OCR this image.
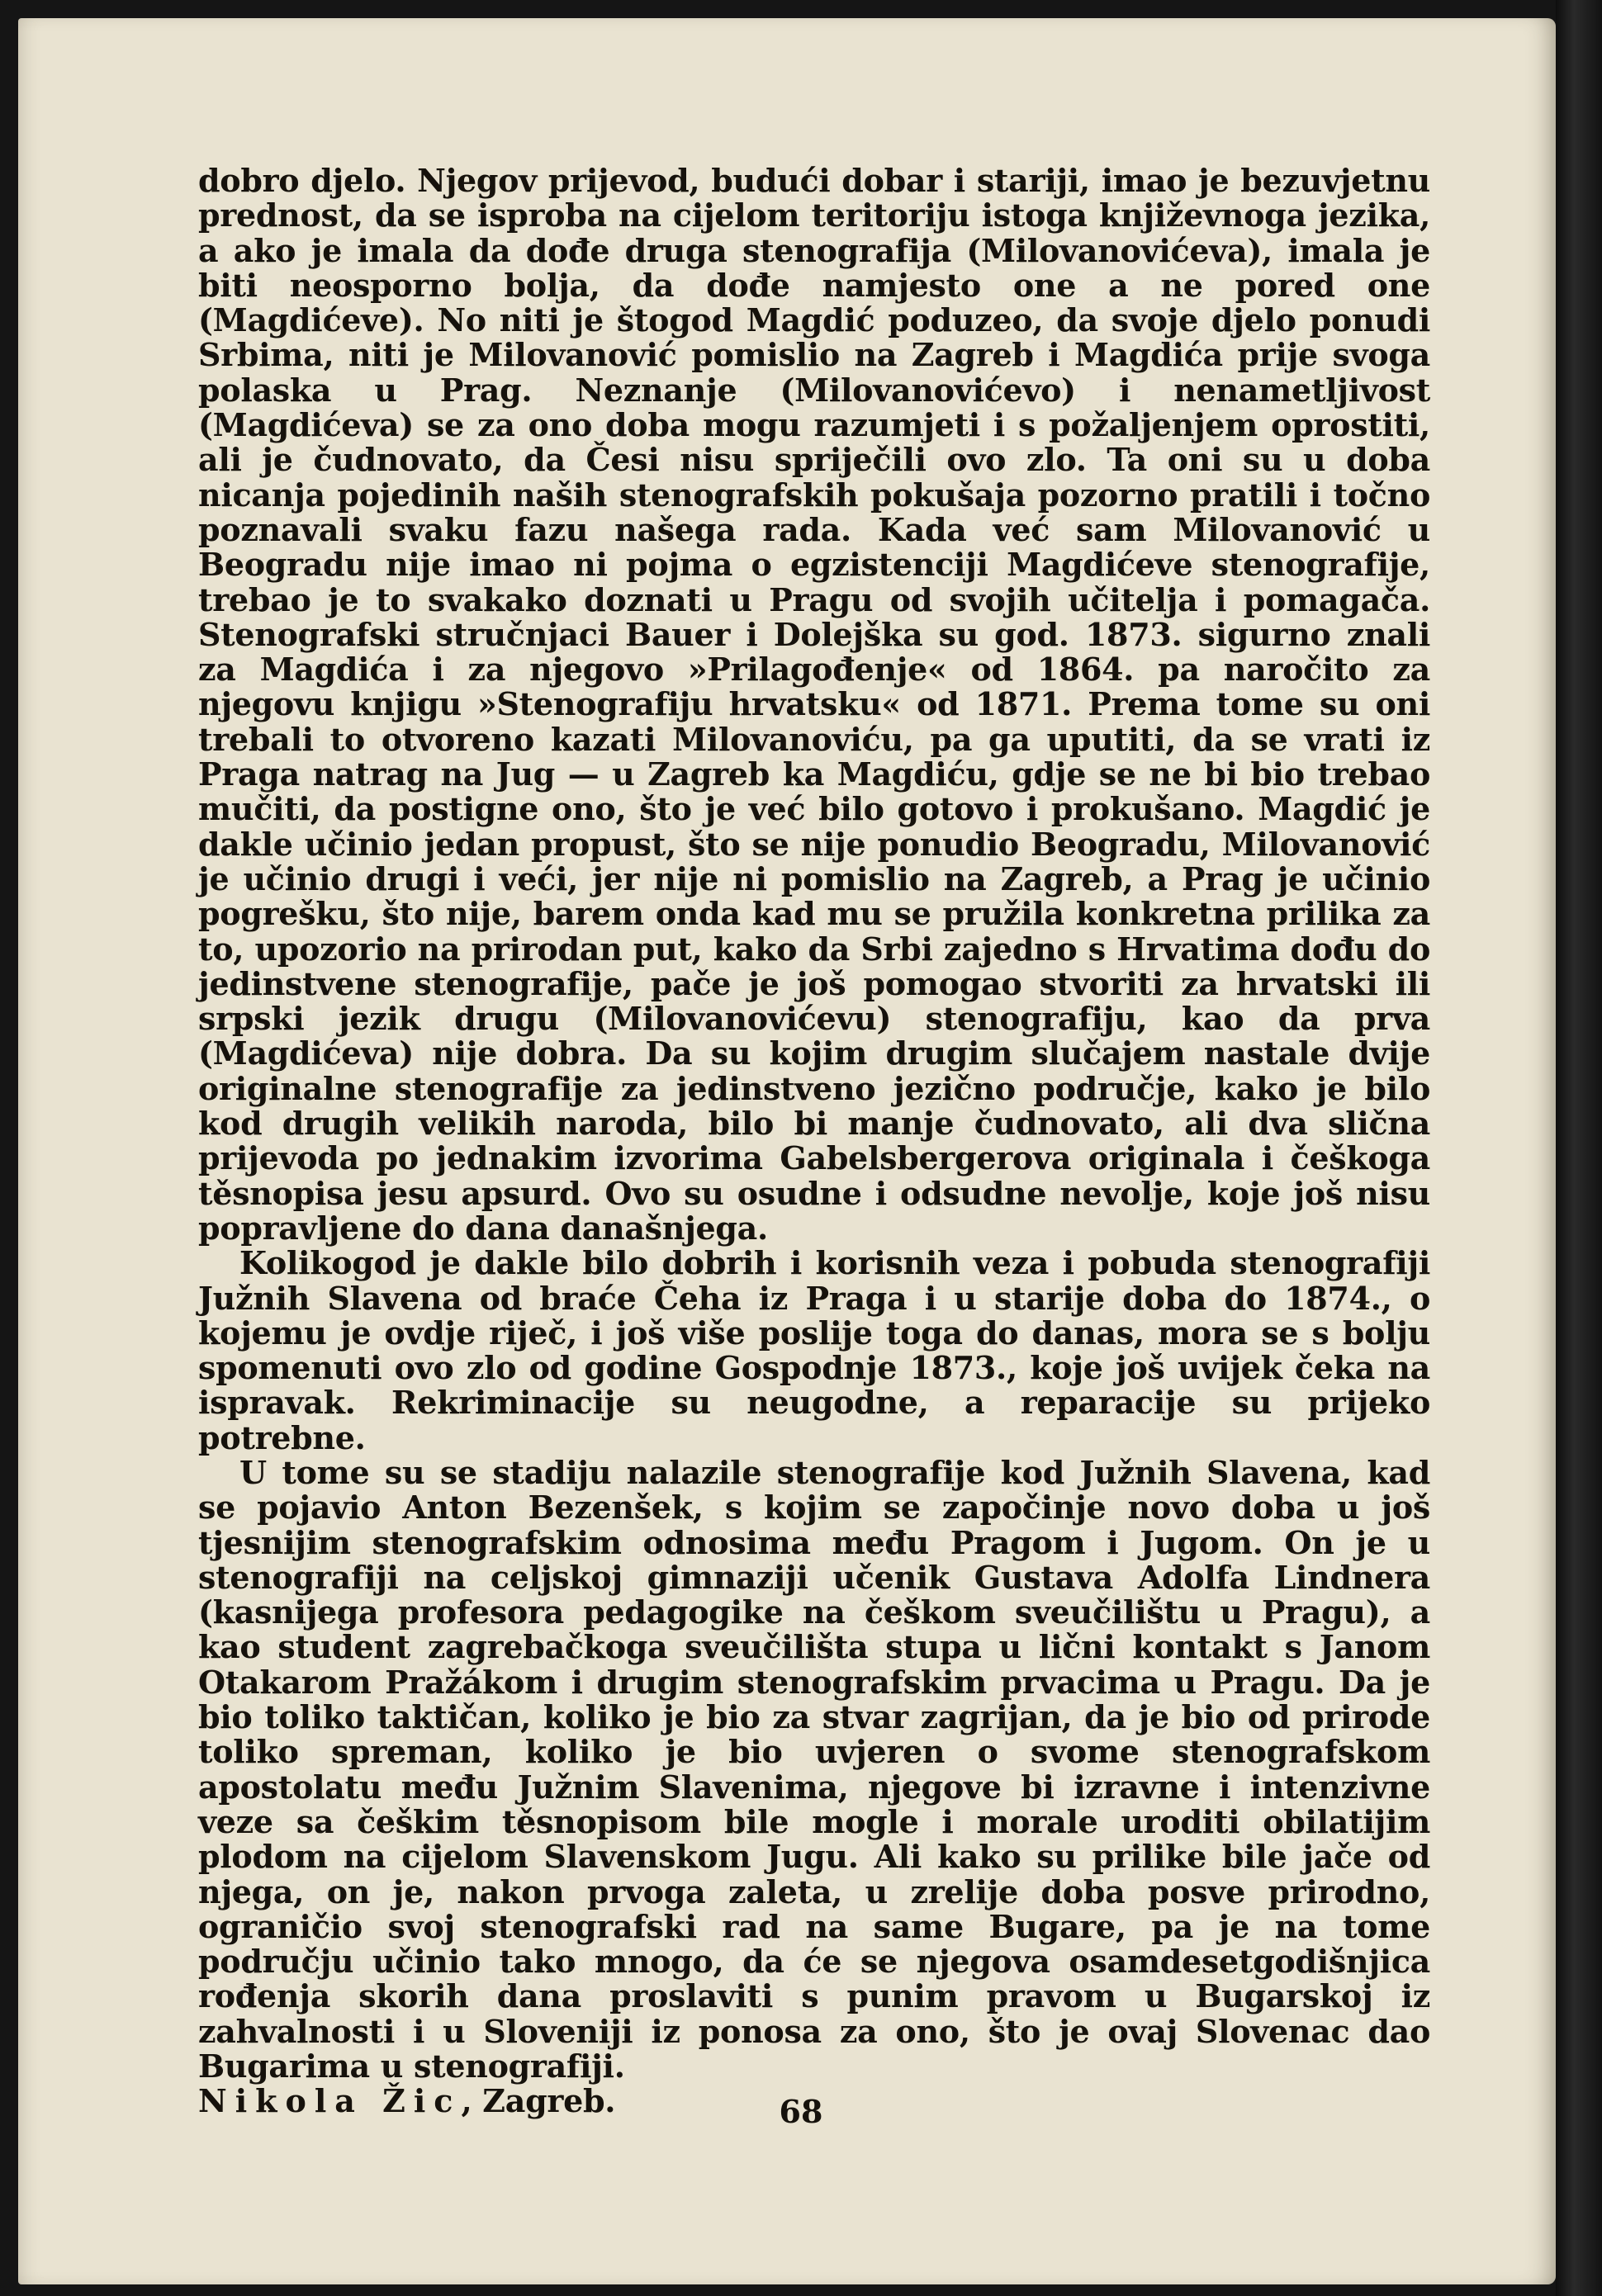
dobro djelo. Njegov prijevod, budući dobar i stariji, imao je bezuvjetnu prednost, da se isproba na cijelom teritoriju istoga književnoga jezika, a ako je imala da dođe druga stenografija (Milovanovićeva), imala je biti neosporno bolja, da dođe namjesto one a ne pored one (Magdićeve). No niti je štogod Magdić poduzeo, da svoje djelo ponudi Srbima, niti je Milovanović pomislio na Zagreb i Magdića prije svoga polaska u Prag. Neznanje (Milovanovićevo) i nenametljivost (Magdićeva) se za ono doba mogu razumjeti i s požaljenjem oprostiti, ali je čudnovato, da Česi nisu spriječili ovo zlo. Ta oni su u doba nicanja pojedinih naših stenografskih pokušaja pozorno pratili i točno poznavali svaku fazu našega rada. Kada već sam Milovanović u Beogradu nije imao ni pojma o egzistenciji Magdićeve stenografije, trebao je to svakako doznati u Pragu od svojih učitelja i pomagača. Stenografski stručnjaci Bauer i Dolejška su god. 1873. sigurno znali za Magdića i za njegovo »Prilagođenje« od 1864. pa naročito za njegovu knjigu »Stenografiju hrvatsku« od 1871. Prema tome su oni trebali to otvoreno kazati Milovanoviću, pa ga uputiti, da se vrati iz Praga natrag na Jug — u Zagreb ka Magdiću, gdje se ne bi bio trebao mučiti, da postigne ono, što je već bilo gotovo i prokušano. Magdić je dakle učinio jedan propust, što se nije ponudio Beogradu, Milovanović je učinio drugi i veći, jer nije ni pomislio na Zagreb, a Prag je učinio pogrešku, što nije, barem onda kad mu se pružila konkretna prilika za to, upozorio na prirodan put, kako da Srbi zajedno s Hrvatima dođu do jedinstvene stenografije, pače je još pomogao stvoriti za hrvatski ili srpski jezik drugu (Milovanovićevu) stenografiju, kao da prva (Magdićeva) nije dobra. Da su kojim drugim slučajem nastale dvije originalne stenografije za jedinstveno jezično područje, kako je bilo kod drugih velikih naroda, bilo bi manje čudnovato, ali dva slična prijevoda po jednakim izvorima Gabelsbergerova originala i češkoga těsnopisa jesu apsurd. Ovo su osudne i odsudne nevolje, koje još nisu popravljene do dana današnjega.

Kolikogod je dakle bilo dobrih i korisnih veza i pobuda stenografiji Južnih Slavena od braće Čeha iz Praga i u starije doba do 1874., o kojemu je ovdje riječ, i još više poslije toga do danas, mora se s bolju spomenuti ovo zlo od godine Gospodnje 1873., koje još uvijek čeka na ispravak. Rekriminacije su neugodne, a reparacije su prijeko potrebne.

U tome su se stadiju nalazile stenografije kod Južnih Slavena, kad se pojavio Anton Bezenšek, s kojim se započinje novo doba u još tjesnijim stenografskim odnosima među Pragom i Jugom. On je u stenografiji na celjskoj gimnaziji učenik Gustava Adolfa Lindnera (kasnijega profesora pedagogike na češkom sveučilištu u Pragu), a kao student zagrebačkoga sveučilišta stupa u lični kontakt s Janom Otakarom Pražákom i drugim stenografskim prvacima u Pragu. Da je bio toliko taktičan, koliko je bio za stvar zagrijan, da je bio od prirode toliko spreman, koliko je bio uvjeren o svome stenografskom apostolatu među Južnim Slavenima, njegove bi izravne i intenzivne veze sa češkim těsnopisom bile mogle i morale uroditi obilatijim plodom na cijelom Slavenskom Jugu. Ali kako su prilike bile jače od njega, on je, nakon prvoga zaleta, u zrelije doba posve prirodno, ograničio svoj stenografski rad na same Bugare, pa je na tome području učinio tako mnogo, da će se njegova osamdesetgodišnjica rođenja skorih dana proslaviti s punim pravom u Bugarskoj iz zahvalnosti i u Sloveniji iz ponosa za ono, što je ovaj Slovenac dao Bugarima u stenografiji.

Nikola Žic, Zagreb.	68
